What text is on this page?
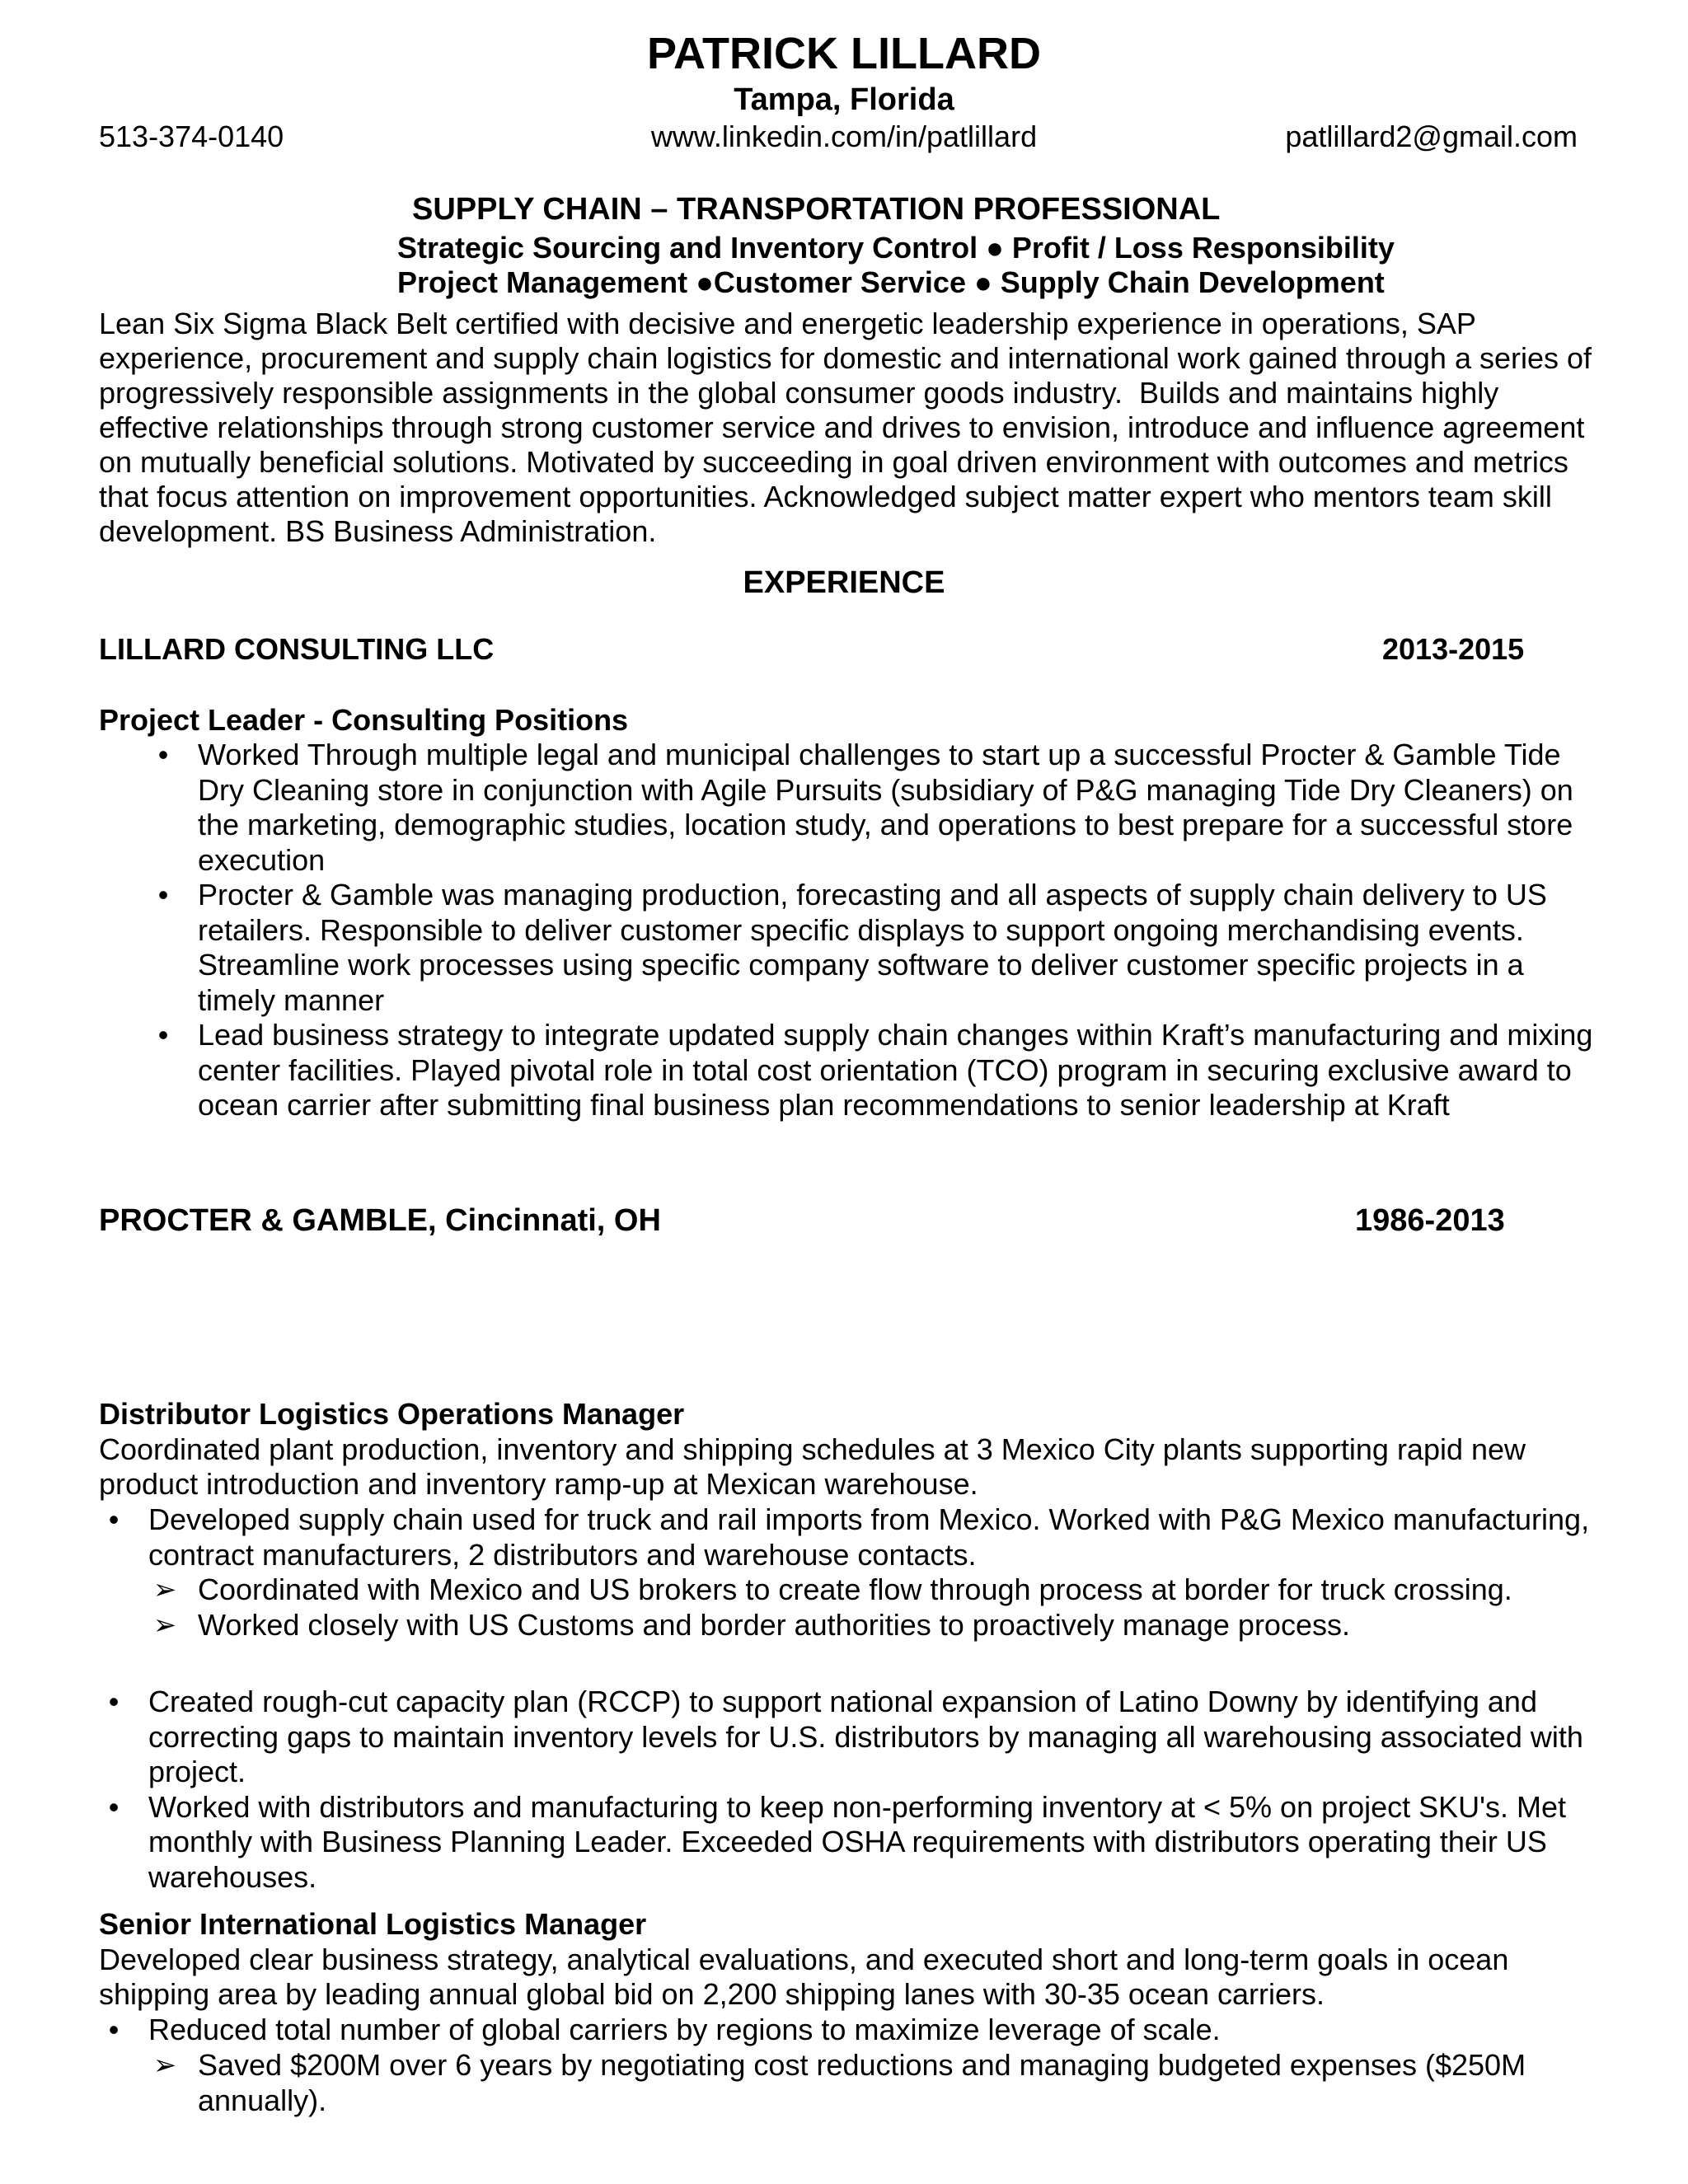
PATRICK LILLARD
Tampa, Florida
513-374-0140	www.linkedin.com/in/patlillard	patlillard2@gmail.com
SUPPLY CHAIN – TRANSPORTATION PROFESSIONAL
Strategic Sourcing and Inventory Control ● Profit / Loss Responsibility
Project Management ●Customer Service ● Supply Chain Development
Lean Six Sigma Black Belt certified with decisive and energetic leadership experience in operations, SAP experience, procurement and supply chain logistics for domestic and international work gained through a series of progressively responsible assignments in the global consumer goods industry.  Builds and maintains highly effective relationships through strong customer service and drives to envision, introduce and influence agreement on mutually beneficial solutions. Motivated by succeeding in goal driven environment with outcomes and metrics that focus attention on improvement opportunities. Acknowledged subject matter expert who mentors team skill development. BS Business Administration.
EXPERIENCE
LILLARD CONSULTING LLC	2013-2015
Project Leader - Consulting Positions
• Worked Through multiple legal and municipal challenges to start up a successful Procter & Gamble Tide Dry Cleaning store in conjunction with Agile Pursuits (subsidiary of P&G managing Tide Dry Cleaners) on the marketing, demographic studies, location study, and operations to best prepare for a successful store execution
• Procter & Gamble was managing production, forecasting and all aspects of supply chain delivery to US retailers. Responsible to deliver customer specific displays to support ongoing merchandising events. Streamline work processes using specific company software to deliver customer specific projects in a timely manner
• Lead business strategy to integrate updated supply chain changes within Kraft’s manufacturing and mixing center facilities. Played pivotal role in total cost orientation (TCO) program in securing exclusive award to ocean carrier after submitting final business plan recommendations to senior leadership at Kraft
PROCTER & GAMBLE, Cincinnati, OH	1986-2013
Distributor Logistics Operations Manager
Coordinated plant production, inventory and shipping schedules at 3 Mexico City plants supporting rapid new product introduction and inventory ramp-up at Mexican warehouse.
• Developed supply chain used for truck and rail imports from Mexico. Worked with P&G Mexico manufacturing, contract manufacturers, 2 distributors and warehouse contacts.
➢ Coordinated with Mexico and US brokers to create flow through process at border for truck crossing.
➢ Worked closely with US Customs and border authorities to proactively manage process.
• Created rough-cut capacity plan (RCCP) to support national expansion of Latino Downy by identifying and correcting gaps to maintain inventory levels for U.S. distributors by managing all warehousing associated with project.
• Worked with distributors and manufacturing to keep non-performing inventory at < 5% on project SKU's. Met monthly with Business Planning Leader. Exceeded OSHA requirements with distributors operating their US warehouses.
Senior International Logistics Manager
Developed clear business strategy, analytical evaluations, and executed short and long-term goals in ocean shipping area by leading annual global bid on 2,200 shipping lanes with 30-35 ocean carriers.
• Reduced total number of global carriers by regions to maximize leverage of scale.
➢ Saved $200M over 6 years by negotiating cost reductions and managing budgeted expenses ($250M annually).
